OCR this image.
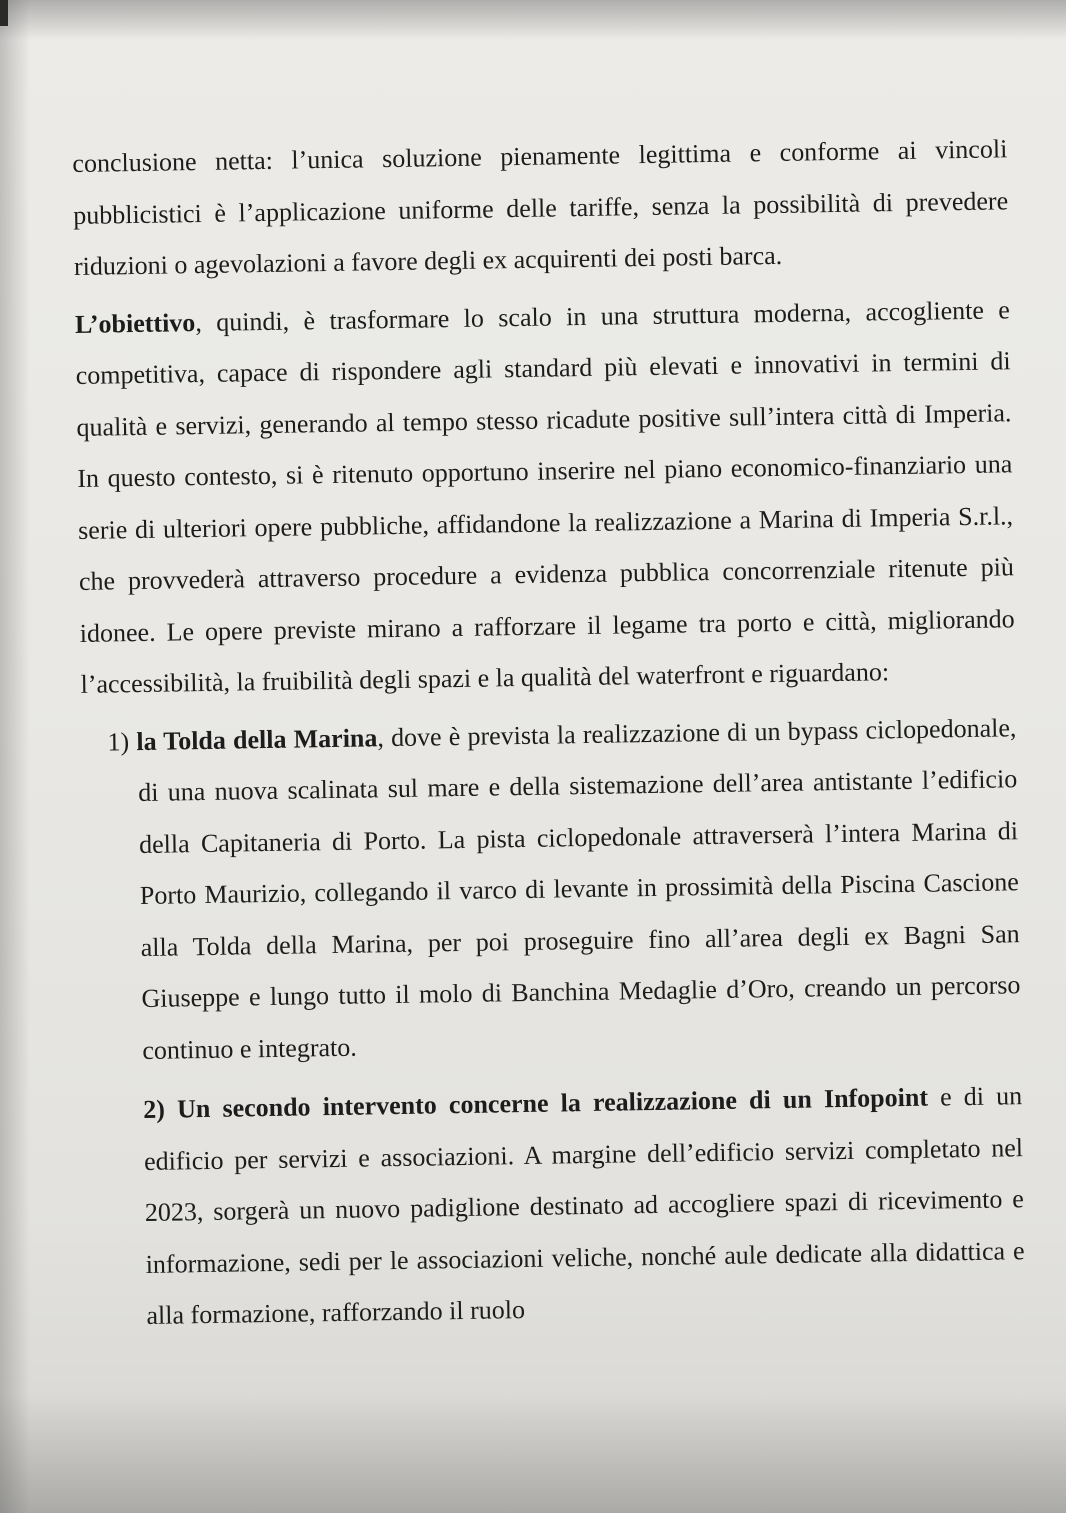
conclusione netta: l’unica soluzione pienamente legittima e conforme ai vincoli pubblicistici è l’applicazione uniforme delle tariffe, senza la possibilità di prevedere riduzioni o agevolazioni a favore degli ex acquirenti dei posti barca.

L’obiettivo, quindi, è trasformare lo scalo in una struttura moderna, accogliente e competitiva, capace di rispondere agli standard più elevati e innovativi in termini di qualità e servizi, generando al tempo stesso ricadute positive sull’intera città di Imperia. In questo contesto, si è ritenuto opportuno inserire nel piano economico-finanziario una serie di ulteriori opere pubbliche, affidandone la realizzazione a Marina di Imperia S.r.l., che provvederà attraverso procedure a evidenza pubblica concorrenziale ritenute più idonee. Le opere previste mirano a rafforzare il legame tra porto e città, migliorando l’accessibilità, la fruibilità degli spazi e la qualità del waterfront e riguardano:

1) la Tolda della Marina, dove è prevista la realizzazione di un bypass ciclopedonale, di una nuova scalinata sul mare e della sistemazione dell’area antistante l’edificio della Capitaneria di Porto. La pista ciclopedonale attraverserà l’intera Marina di Porto Maurizio, collegando il varco di levante in prossimità della Piscina Cascione alla Tolda della Marina, per poi proseguire fino all’area degli ex Bagni San Giuseppe e lungo tutto il molo di Banchina Medaglie d’Oro, creando un percorso continuo e integrato.

2) Un secondo intervento concerne la realizzazione di un Infopoint e di un edificio per servizi e associazioni. A margine dell’edificio servizi completato nel 2023, sorgerà un nuovo padiglione destinato ad accogliere spazi di ricevimento e informazione, sedi per le associazioni veliche, nonché aule dedicate alla didattica e alla formazione, rafforzando il ruolo
